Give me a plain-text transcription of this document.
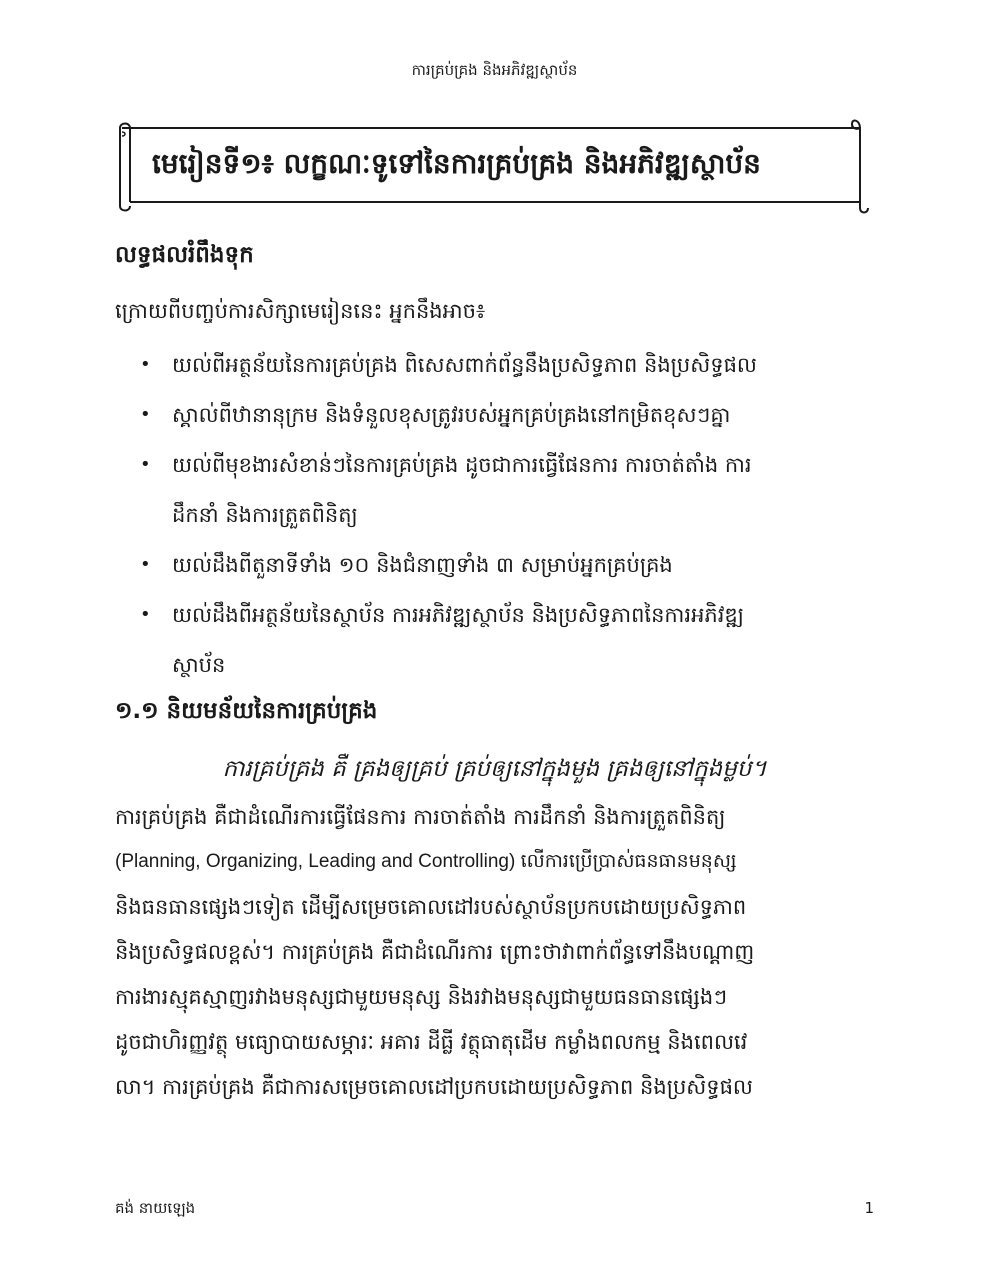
ការគ្រប់គ្រង និងអភិវឌ្ឍស្ថាប័ន
មេរៀនទី១៖ លក្ខណៈទូទៅនៃការគ្រប់គ្រង និងអភិវឌ្ឍស្ថាប័ន
លទ្ធផលរំពឹងទុក
ក្រោយពីបញ្ចប់ការសិក្សាមេរៀននេះ អ្នកនឹងអាច៖
• យល់ពីអត្ថន័យនៃការគ្រប់គ្រង ពិសេសពាក់ព័ន្ធនឹងប្រសិទ្ធភាព និងប្រសិទ្ធផល
• ស្គាល់ពីឋានានុក្រម និងទំនួលខុសត្រូវរបស់អ្នកគ្រប់គ្រងនៅកម្រិតខុសៗគ្នា
• យល់ពីមុខងារសំខាន់ៗនៃការគ្រប់គ្រង ដូចជាការធ្វើផែនការ ការចាត់តាំង ការ
ដឹកនាំ និងការត្រួតពិនិត្យ
• យល់ដឹងពីតួនាទីទាំង ១០ និងជំនាញទាំង ៣ សម្រាប់អ្នកគ្រប់គ្រង
• យល់ដឹងពីអត្ថន័យនៃស្ថាប័ន ការអភិវឌ្ឍស្ថាប័ន និងប្រសិទ្ធភាពនៃការអភិវឌ្ឍ
ស្ថាប័ន
១.១ និយមន័យនៃការគ្រប់គ្រង
ការគ្រប់គ្រង គឺ គ្រងឲ្យគ្រប់ គ្រប់ឲ្យនៅក្នុងមួង គ្រងឲ្យនៅក្នុងម្លប់។
ការគ្រប់គ្រង គឺជាដំណើរការធ្វើផែនការ ការចាត់តាំង ការដឹកនាំ និងការត្រួតពិនិត្យ
(Planning, Organizing, Leading and Controlling) លើការប្រើប្រាស់ធនធានមនុស្ស
និងធនធានផ្សេងៗទៀត ដើម្បីសម្រេចគោលដៅរបស់ស្ថាប័នប្រកបដោយប្រសិទ្ធភាព
និងប្រសិទ្ធផលខ្ពស់។ ការគ្រប់គ្រង គឺជាដំណើរការ ព្រោះថាវាពាក់ព័ន្ធទៅនឹងបណ្តាញ
ការងារស្មុគស្មាញរវាងមនុស្សជាមួយមនុស្ស និងរវាងមនុស្សជាមួយធនធានផ្សេងៗ
ដូចជាហិរញ្ញវត្ថុ មធ្យោបាយសម្ភារៈ អគារ ដីធ្លី វត្ថុធាតុដើម កម្លាំងពលកម្ម និងពេលវេ
លា។ ការគ្រប់គ្រង គឺជាការសម្រេចគោលដៅប្រកបដោយប្រសិទ្ធភាព និងប្រសិទ្ធផល
គង់ នាយឡេង	1
